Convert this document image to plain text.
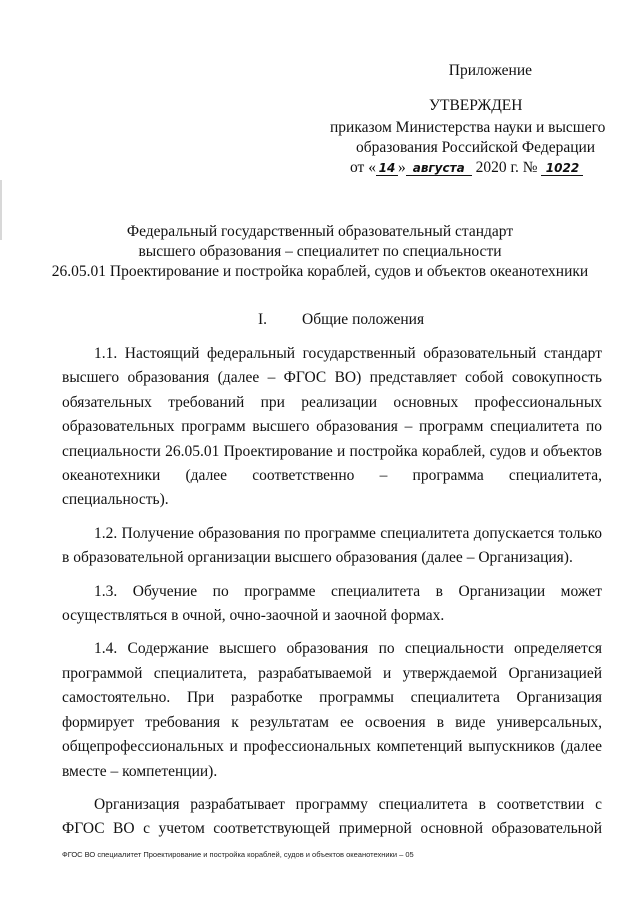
Приложение
УТВЕРЖДЕН
приказом Министерства науки и высшего
образования Российской Федерации
от « 14 » августа 2020 г. № 1022
Федеральный государственный образовательный стандарт
высшего образования – специалитет по специальности
26.05.01 Проектирование и постройка кораблей, судов и объектов океанотехники
I. Общие положения

1.1. Настоящий федеральный государственный образовательный стандарт высшего образования (далее – ФГОС ВО) представляет собой совокупность обязательных требований при реализации основных профессиональных образовательных программ высшего образования – программ специалитета по специальности 26.05.01 Проектирование и постройка кораблей, судов и объектов океанотехники (далее соответственно – программа специалитета, специальность).

1.2. Получение образования по программе специалитета допускается только в образовательной организации высшего образования (далее – Организация).

1.3. Обучение по программе специалитета в Организации может осуществляться в очной, очно-заочной и заочной формах.

1.4. Содержание высшего образования по специальности определяется программой специалитета, разрабатываемой и утверждаемой Организацией самостоятельно. При разработке программы специалитета Организация формирует требования к результатам ее освоения в виде универсальных, общепрофессиональных и профессиональных компетенций выпускников (далее вместе – компетенции).

Организация разрабатывает программу специалитета в соответствии с ФГОС ВО с учетом соответствующей примерной основной образовательной

ФГОС ВО специалитет Проектирование и постройка кораблей, судов и объектов океанотехники – 05
